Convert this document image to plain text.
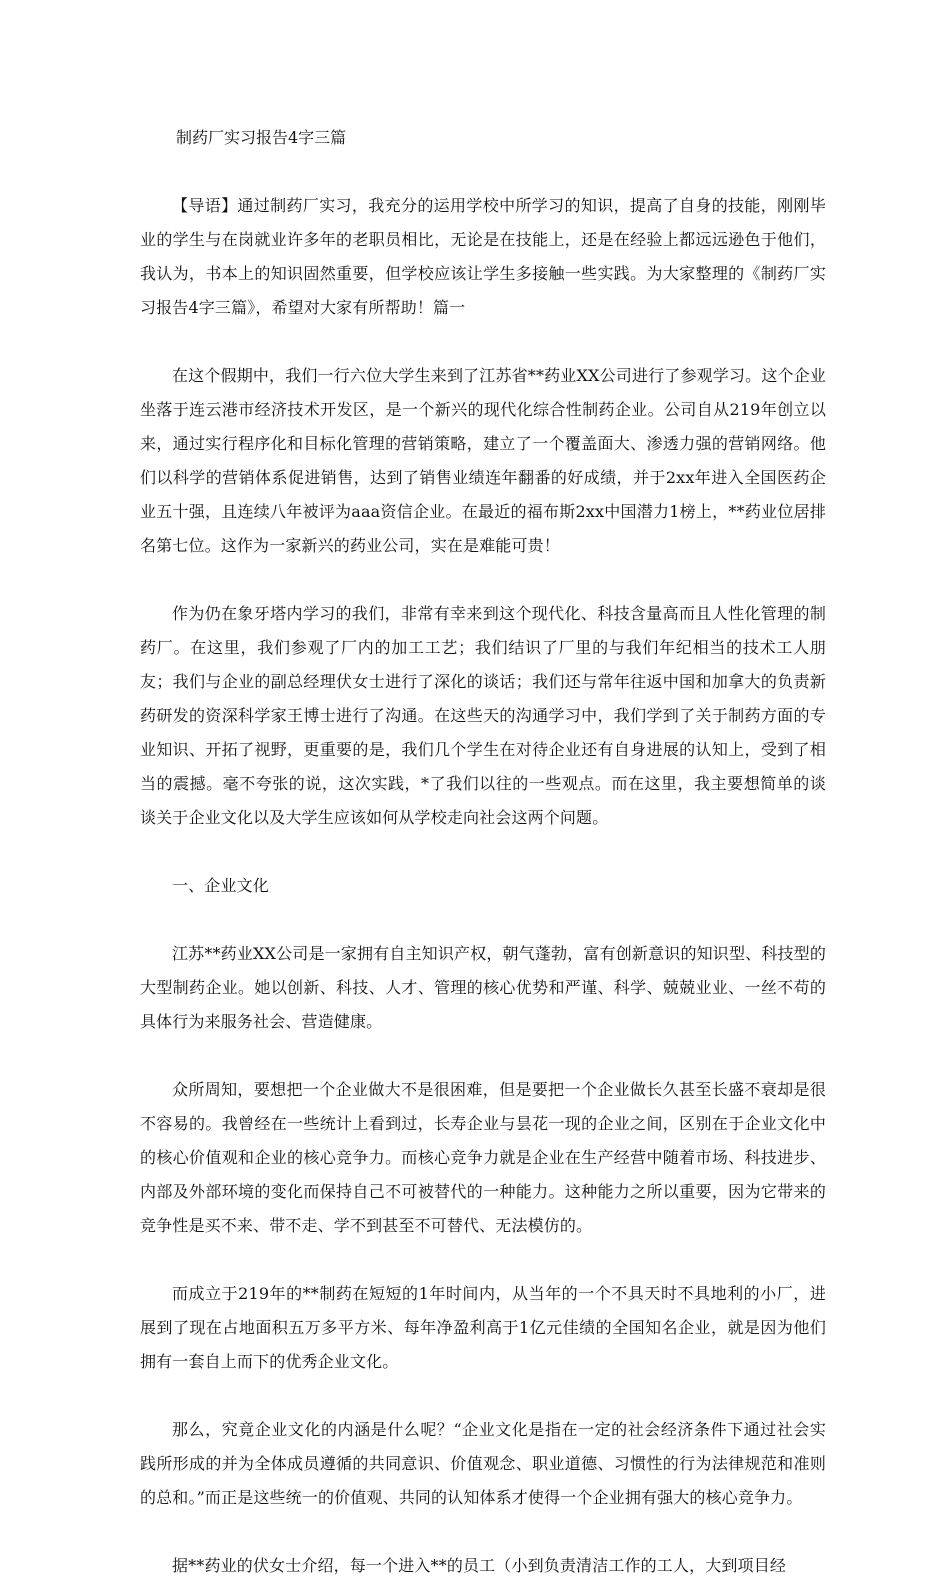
制药厂实习报告4字三篇

【导语】通过制药厂实习，我充分的运用学校中所学习的知识，提高了自身的技能，刚刚毕业的学生与在岗就业许多年的老职员相比，无论是在技能上，还是在经验上都远远逊色于他们，我认为，书本上的知识固然重要，但学校应该让学生多接触一些实践。为大家整理的《制药厂实习报告4字三篇》，希望对大家有所帮助！篇一

在这个假期中，我们一行六位大学生来到了江苏省**药业XX公司进行了参观学习。这个企业坐落于连云港市经济技术开发区，是一个新兴的现代化综合性制药企业。公司自从219年创立以来，通过实行程序化和目标化管理的营销策略，建立了一个覆盖面大、渗透力强的营销网络。他们以科学的营销体系促进销售，达到了销售业绩连年翻番的好成绩，并于2xx年进入全国医药企业五十强，且连续八年被评为aaa资信企业。在最近的福布斯2xx中国潜力1榜上，**药业位居排名第七位。这作为一家新兴的药业公司，实在是难能可贵！

作为仍在象牙塔内学习的我们，非常有幸来到这个现代化、科技含量高而且人性化管理的制药厂。在这里，我们参观了厂内的加工工艺；我们结识了厂里的与我们年纪相当的技术工人朋友；我们与企业的副总经理伏女士进行了深化的谈话；我们还与常年往返中国和加拿大的负责新药研发的资深科学家王博士进行了沟通。在这些天的沟通学习中，我们学到了关于制药方面的专业知识、开拓了视野，更重要的是，我们几个学生在对待企业还有自身进展的认知上，受到了相当的震撼。毫不夸张的说，这次实践，*了我们以往的一些观点。而在这里，我主要想简单的谈谈关于企业文化以及大学生应该如何从学校走向社会这两个问题。

一、企业文化

江苏**药业XX公司是一家拥有自主知识产权，朝气蓬勃，富有创新意识的知识型、科技型的大型制药企业。她以创新、科技、人才、管理的核心优势和严谨、科学、兢兢业业、一丝不苟的具体行为来服务社会、营造健康。

众所周知，要想把一个企业做大不是很困难，但是要把一个企业做长久甚至长盛不衰却是很不容易的。我曾经在一些统计上看到过，长寿企业与昙花一现的企业之间，区别在于企业文化中的核心价值观和企业的核心竞争力。而核心竞争力就是企业在生产经营中随着市场、科技进步、内部及外部环境的变化而保持自己不可被替代的一种能力。这种能力之所以重要，因为它带来的竞争性是买不来、带不走、学不到甚至不可替代、无法模仿的。

而成立于219年的**制药在短短的1年时间内，从当年的一个不具天时不具地利的小厂，进展到了现在占地面积五万多平方米、每年净盈利高于1亿元佳绩的全国知名企业，就是因为他们拥有一套自上而下的优秀企业文化。

那么，究竟企业文化的内涵是什么呢？“企业文化是指在一定的社会经济条件下通过社会实践所形成的并为全体成员遵循的共同意识、价值观念、职业道德、习惯性的行为法律规范和准则的总和。”而正是这些统一的价值观、共同的认知体系才使得一个企业拥有强大的核心竞争力。

据**药业的伏女士介绍，每一个进入**的员工（小到负责清洁工作的工人，大到项目经
